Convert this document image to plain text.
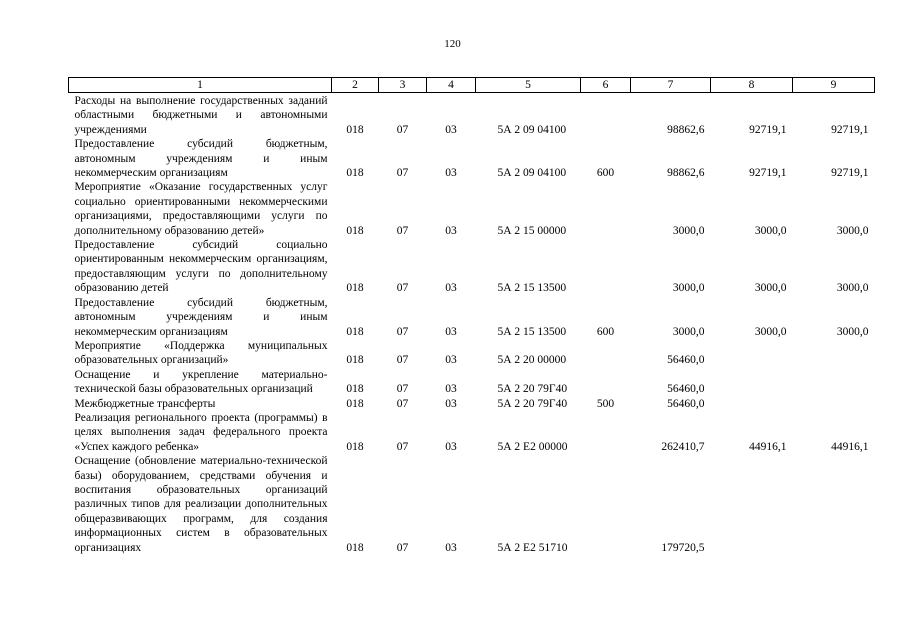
120
1	2	3	4	5	6	7	8	9
Расходы на выполнение государственных заданий областными бюджетными и автономными учреждениями	018	07	03	5А 2 09 04100		98862,6	92719,1	92719,1
Предоставление субсидий бюджетным, автономным учреждениям и иным некоммерческим организациям	018	07	03	5А 2 09 04100	600	98862,6	92719,1	92719,1
Мероприятие «Оказание государственных услуг социально ориентированными некоммерческими организациями, предоставляющими услуги по дополнительному образованию детей»	018	07	03	5А 2 15 00000		3000,0	3000,0	3000,0
Предоставление субсидий социально ориентированным некоммерческим организациям, предоставляющим услуги по дополнительному образованию детей	018	07	03	5А 2 15 13500		3000,0	3000,0	3000,0
Предоставление субсидий бюджетным, автономным учреждениям и иным некоммерческим организациям	018	07	03	5А 2 15 13500	600	3000,0	3000,0	3000,0
Мероприятие «Поддержка муниципальных образовательных организаций»	018	07	03	5А 2 20 00000		56460,0		
Оснащение и укрепление материально-технической базы образовательных организаций	018	07	03	5А 2 20 79Г40		56460,0		
Межбюджетные трансферты	018	07	03	5А 2 20 79Г40	500	56460,0		
Реализация регионального проекта (программы) в целях выполнения задач федерального проекта «Успех каждого ребенка»	018	07	03	5А 2 Е2 00000		262410,7	44916,1	44916,1
Оснащение (обновление материально-технической базы) оборудованием, средствами обучения и воспитания образовательных организаций различных типов для реализации дополнительных общеразвивающих программ, для создания информационных систем в образовательных организациях	018	07	03	5А 2 Е2 51710		179720,5		
